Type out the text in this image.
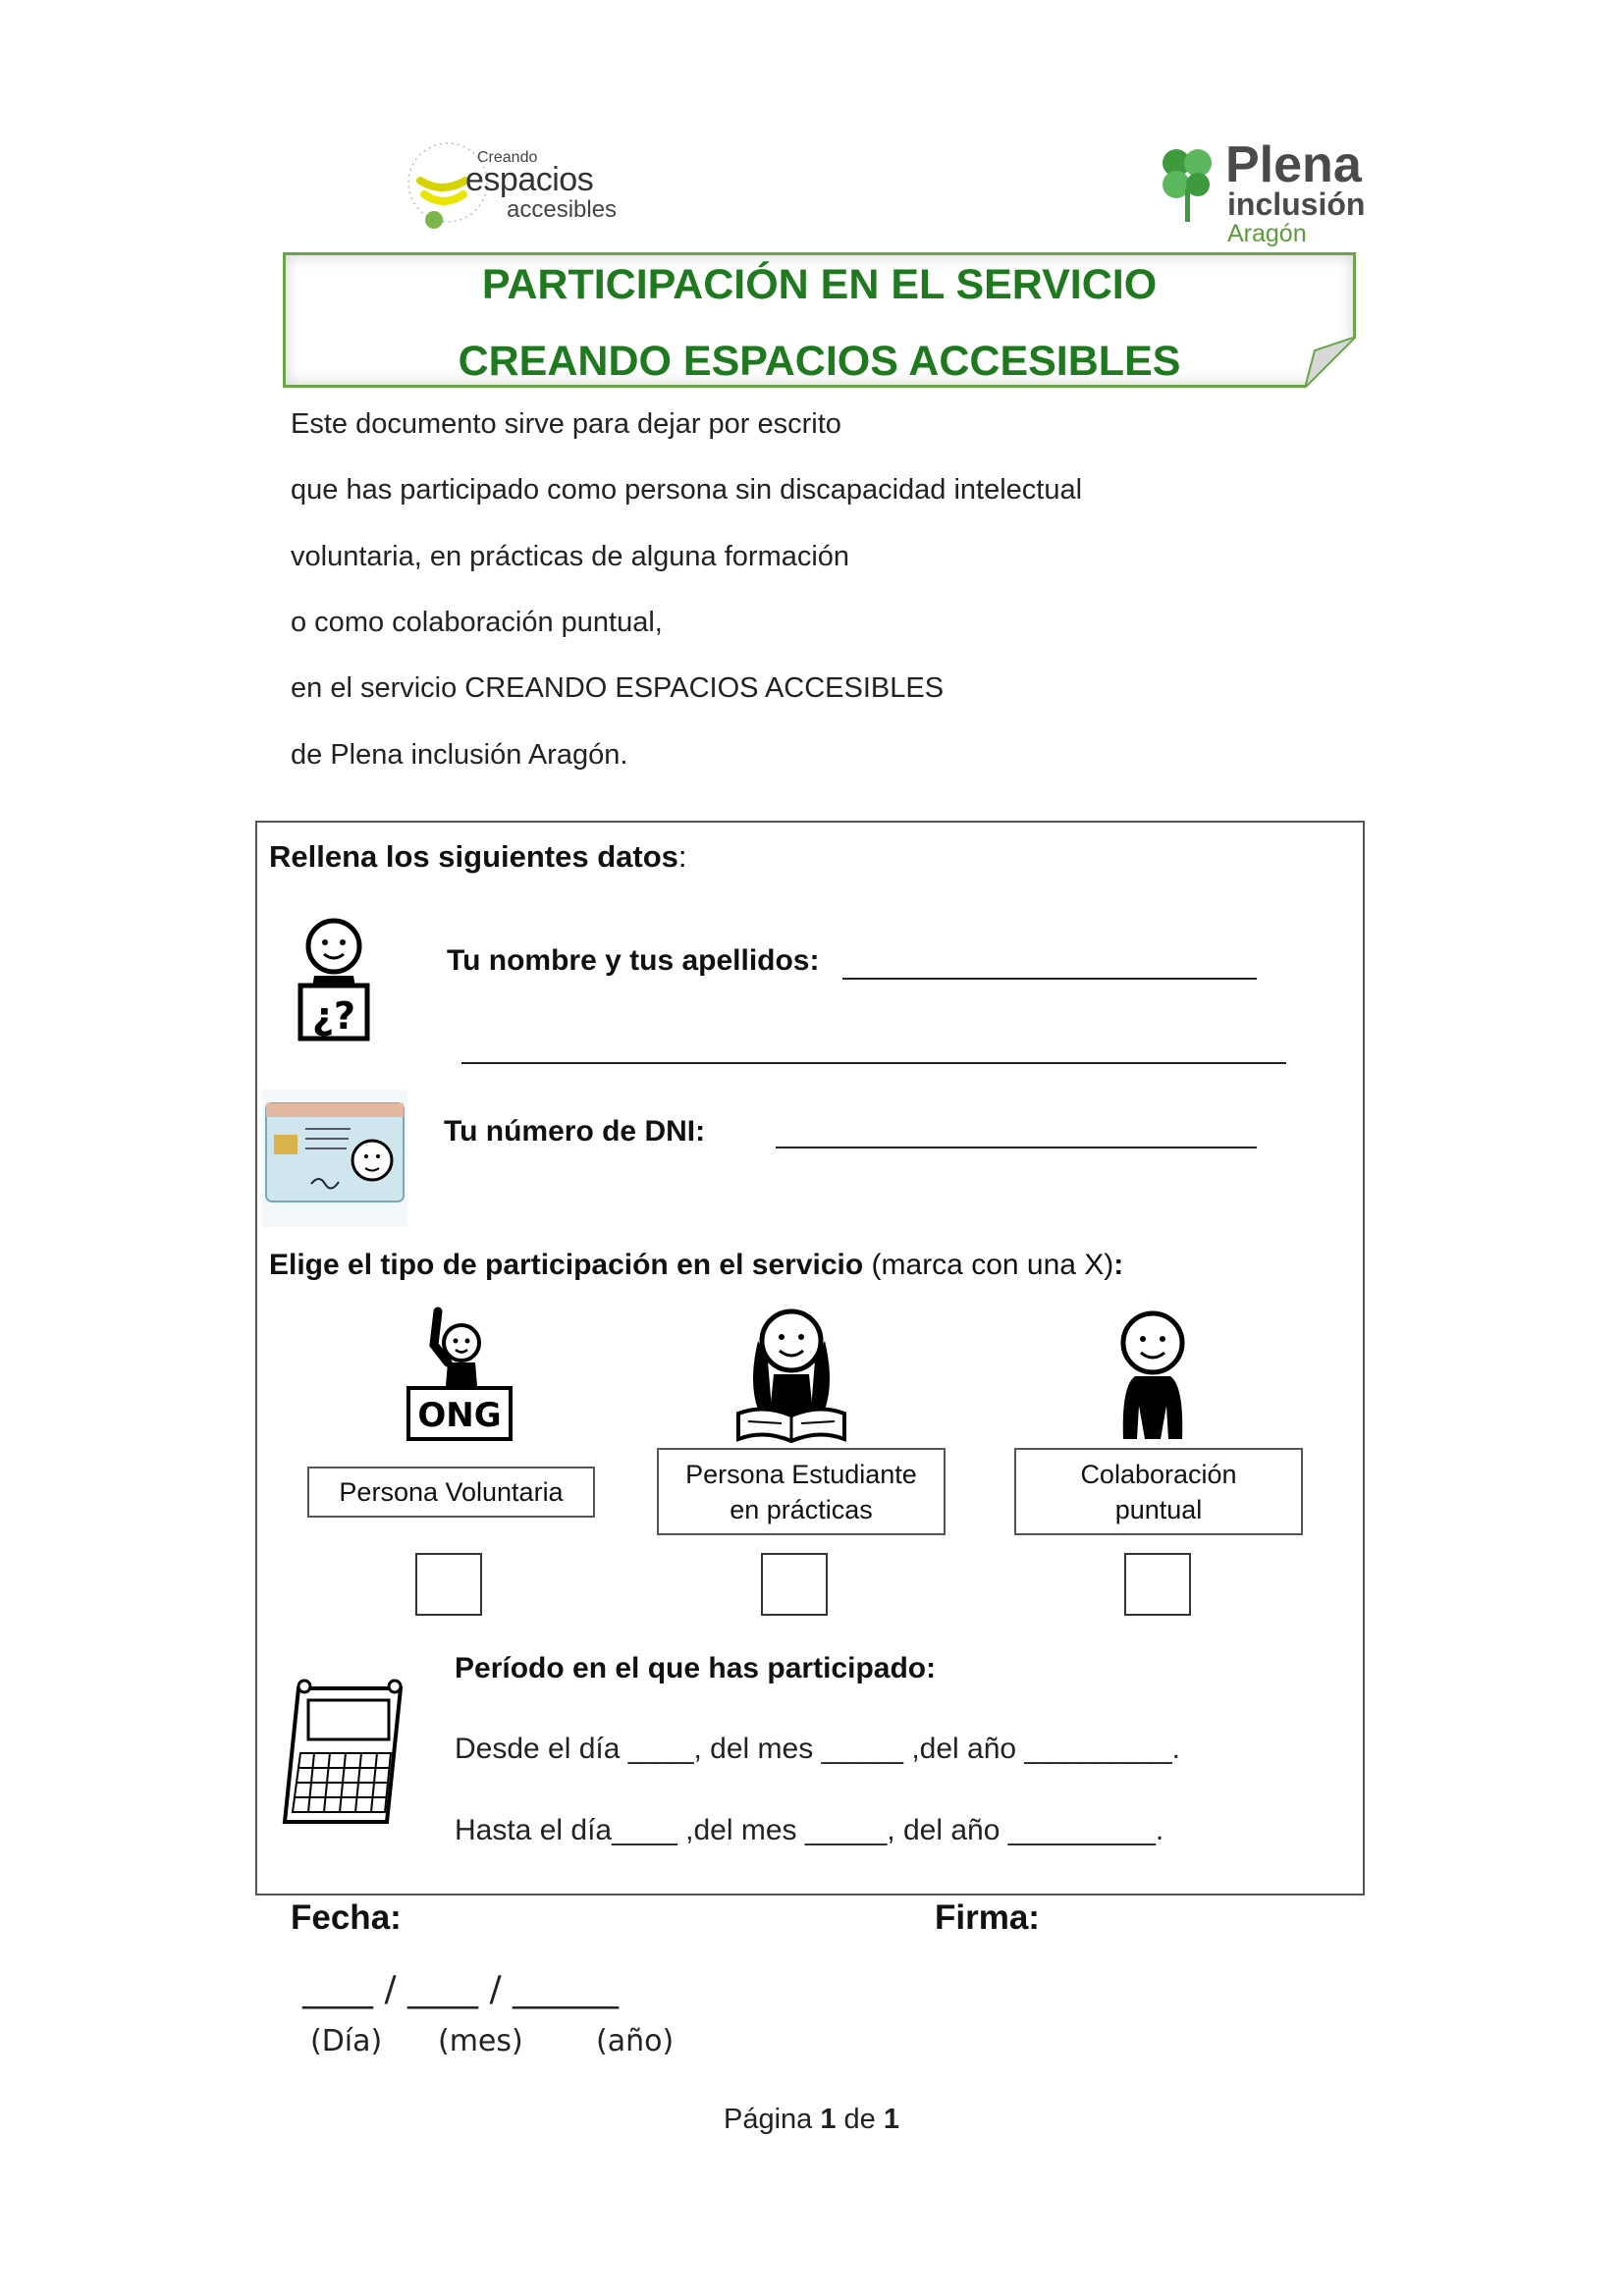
Creando
espacios
accesibles
Plena
inclusión
Aragón
PARTICIPACIÓN EN EL SERVICIO
CREANDO ESPACIOS ACCESIBLES
Este documento sirve para dejar por escrito
que has participado como persona sin discapacidad intelectual
voluntaria, en prácticas de alguna formación
o como colaboración puntual,
en el servicio CREANDO ESPACIOS ACCESIBLES
de Plena inclusión Aragón.
Rellena los siguientes datos:
¿?
Tu nombre y tus apellidos:
Tu número de DNI:
Elige el tipo de participación en el servicio (marca con una X):
ONG
Persona Voluntaria
Persona Estudiante
en prácticas
Colaboración
puntual
Período en el que has participado:
Desde el día ____, del mes _____ ,del año _________.
Hasta el día____ ,del mes _____, del año _________.
Fecha:	Firma:
____ / ____ / ______
(Día) (mes) (año)
Página 1 de 1
